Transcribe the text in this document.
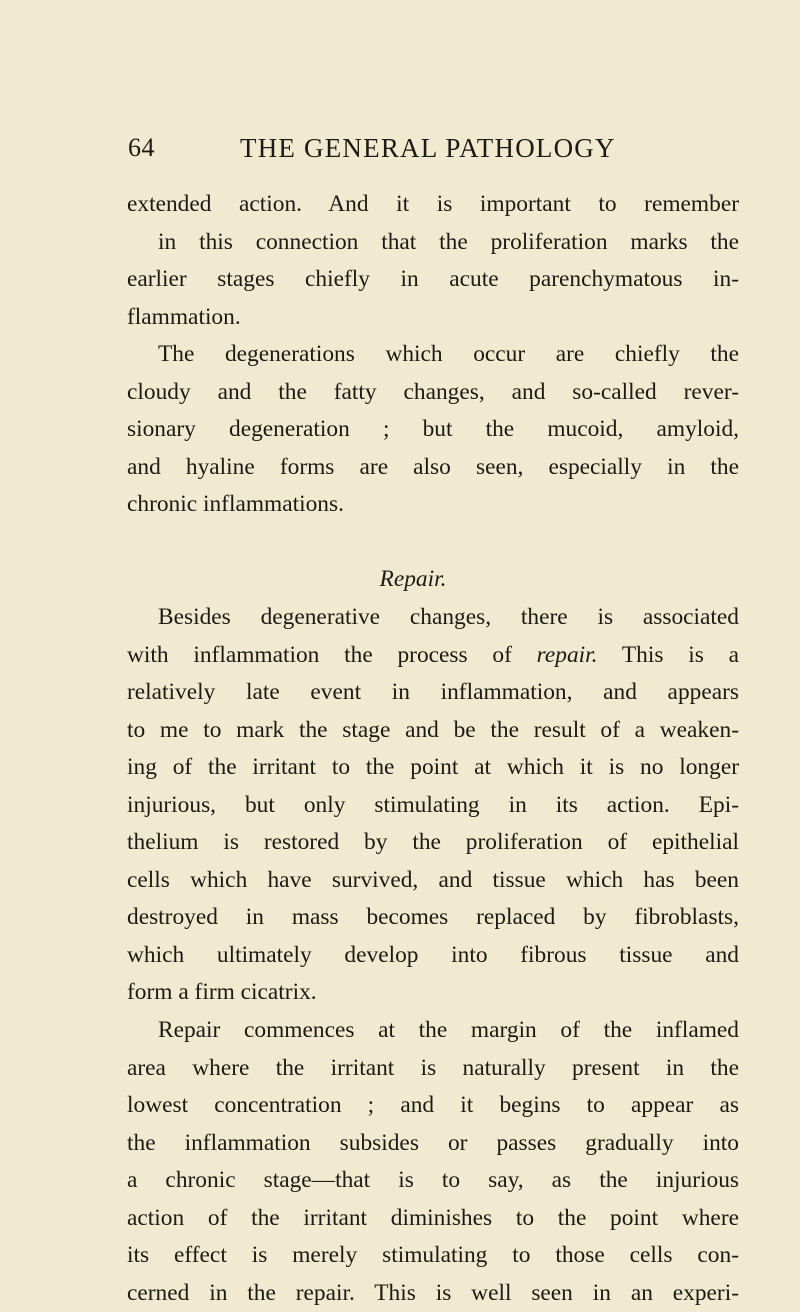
64	THE GENERAL PATHOLOGY
extended action. And it is important to remember
in this connection that the proliferation marks the
earlier stages chiefly in acute parenchymatous in-
flammation.
The degenerations which occur are chiefly the
cloudy and the fatty changes, and so-called rever-
sionary degeneration ; but the mucoid, amyloid,
and hyaline forms are also seen, especially in the
chronic inflammations.
Repair.
Besides degenerative changes, there is associated
with inflammation the process of repair. This is a
relatively late event in inflammation, and appears
to me to mark the stage and be the result of a weaken-
ing of the irritant to the point at which it is no longer
injurious, but only stimulating in its action. Epi-
thelium is restored by the proliferation of epithelial
cells which have survived, and tissue which has been
destroyed in mass becomes replaced by fibroblasts,
which ultimately develop into fibrous tissue and
form a firm cicatrix.
Repair commences at the margin of the inflamed
area where the irritant is naturally present in the
lowest concentration ; and it begins to appear as
the inflammation subsides or passes gradually into
a chronic stage—that is to say, as the injurious
action of the irritant diminishes to the point where
its effect is merely stimulating to those cells con-
cerned in the repair. This is well seen in an experi-
